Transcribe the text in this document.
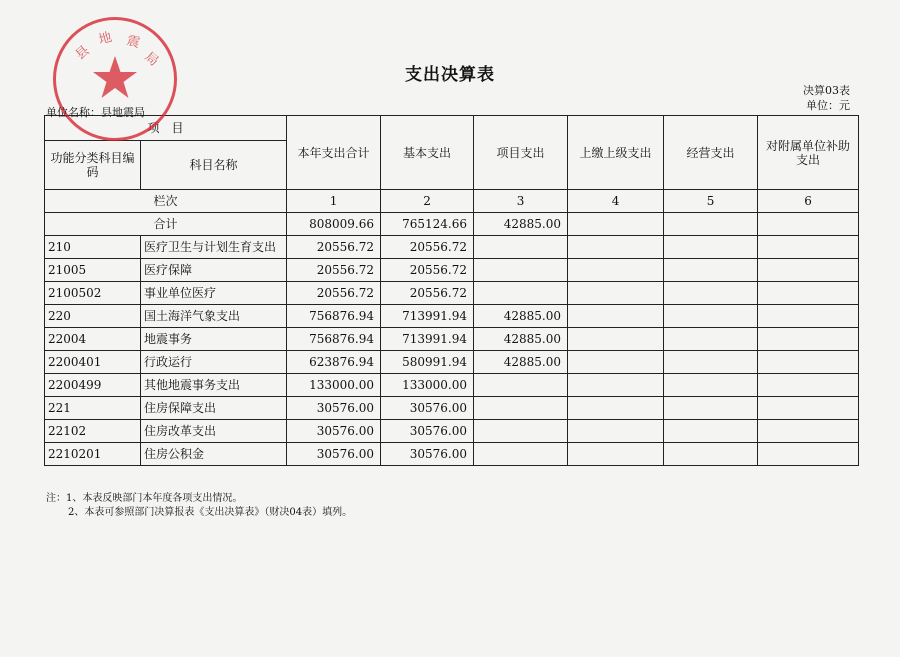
县
地 震
局
支出决算表
决算03表
单位：元
单位名称：县地震局
项　目		本年支出合计	基本支出	项目支出	上缴上级支出	经营支出	对附属单位补助支出
功能分类科目编码	科目名称						
栏次		1	2	3	4	5	6
合计		808009.66	765124.66	42885.00			
210	医疗卫生与计划生育支出	20556.72	20556.72				
21005	医疗保障	20556.72	20556.72				
2100502	事业单位医疗	20556.72	20556.72				
220	国土海洋气象支出	756876.94	713991.94	42885.00			
22004	地震事务	756876.94	713991.94	42885.00			
2200401	行政运行	623876.94	580991.94	42885.00			
2200499	其他地震事务支出	133000.00	133000.00				
221	住房保障支出	30576.00	30576.00				
22102	住房改革支出	30576.00	30576.00				
2210201	住房公积金	30576.00	30576.00				
注：1、本表反映部门本年度各项支出情况。
2、本表可参照部门决算报表《支出决算表》（财决04表）填列。
